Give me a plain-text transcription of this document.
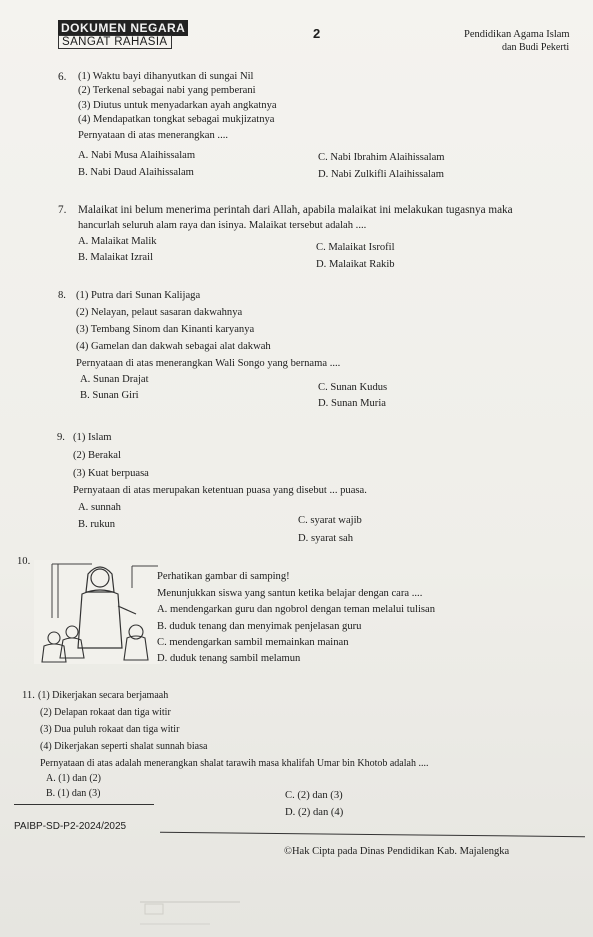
DOKUMEN NEGARA
SANGAT RAHASIA
2	Pendidikan Agama Islam
dan Budi Pekerti
6. (1) Waktu bayi dihanyutkan di sungai Nil
(2) Terkenal sebagai nabi yang pemberani
(3) Diutus untuk menyadarkan ayah angkatnya
(4) Mendapatkan tongkat sebagai mukjizatnya
Pernyataan di atas menerangkan ....
A. Nabi Musa Alaihissalam
B. Nabi Daud Alaihissalam
C. Nabi Ibrahim Alaihissalam
D. Nabi Zulkifli Alaihissalam
7. Malaikat ini belum menerima perintah dari Allah, apabila malaikat ini melakukan tugasnya maka
hancurlah seluruh alam raya dan isinya. Malaikat tersebut adalah ....
A. Malaikat Malik
B. Malaikat Izrail
C. Malaikat Isrofil
D. Malaikat Rakib
8. (1) Putra dari Sunan Kalijaga
(2) Nelayan, pelaut sasaran dakwahnya
(3) Tembang Sinom dan Kinanti karyanya
(4) Gamelan dan dakwah sebagai alat dakwah
Pernyataan di atas menerangkan Wali Songo yang bernama ....
A. Sunan Drajat
B. Sunan Giri
C. Sunan Kudus
D. Sunan Muria
9. (1) Islam
(2) Berakal
(3) Kuat berpuasa
Pernyataan di atas merupakan ketentuan puasa yang disebut ... puasa.
A. sunnah
B. rukun	C. syarat wajib
D. syarat sah
10.
Perhatikan gambar di samping!
Menunjukkan siswa yang santun ketika belajar dengan cara ....
A. mendengarkan guru dan ngobrol dengan teman melalui tulisan
B. duduk tenang dan menyimak penjelasan guru
C. mendengarkan sambil memainkan mainan
D. duduk tenang sambil melamun
11. (1) Dikerjakan secara berjamaah
(2) Delapan rokaat dan tiga witir
(3) Dua puluh rokaat dan tiga witir
(4) Dikerjakan seperti shalat sunnah biasa
Pernyataan di atas adalah menerangkan shalat tarawih masa khalifah Umar bin Khotob adalah ....
A. (1) dan (2)
B. (1) dan (3)	C. (2) dan (3)
D. (2) dan (4)
PAIBP-SD-P2-2024/2025
©Hak Cipta pada Dinas Pendidikan Kab. Majalengka
